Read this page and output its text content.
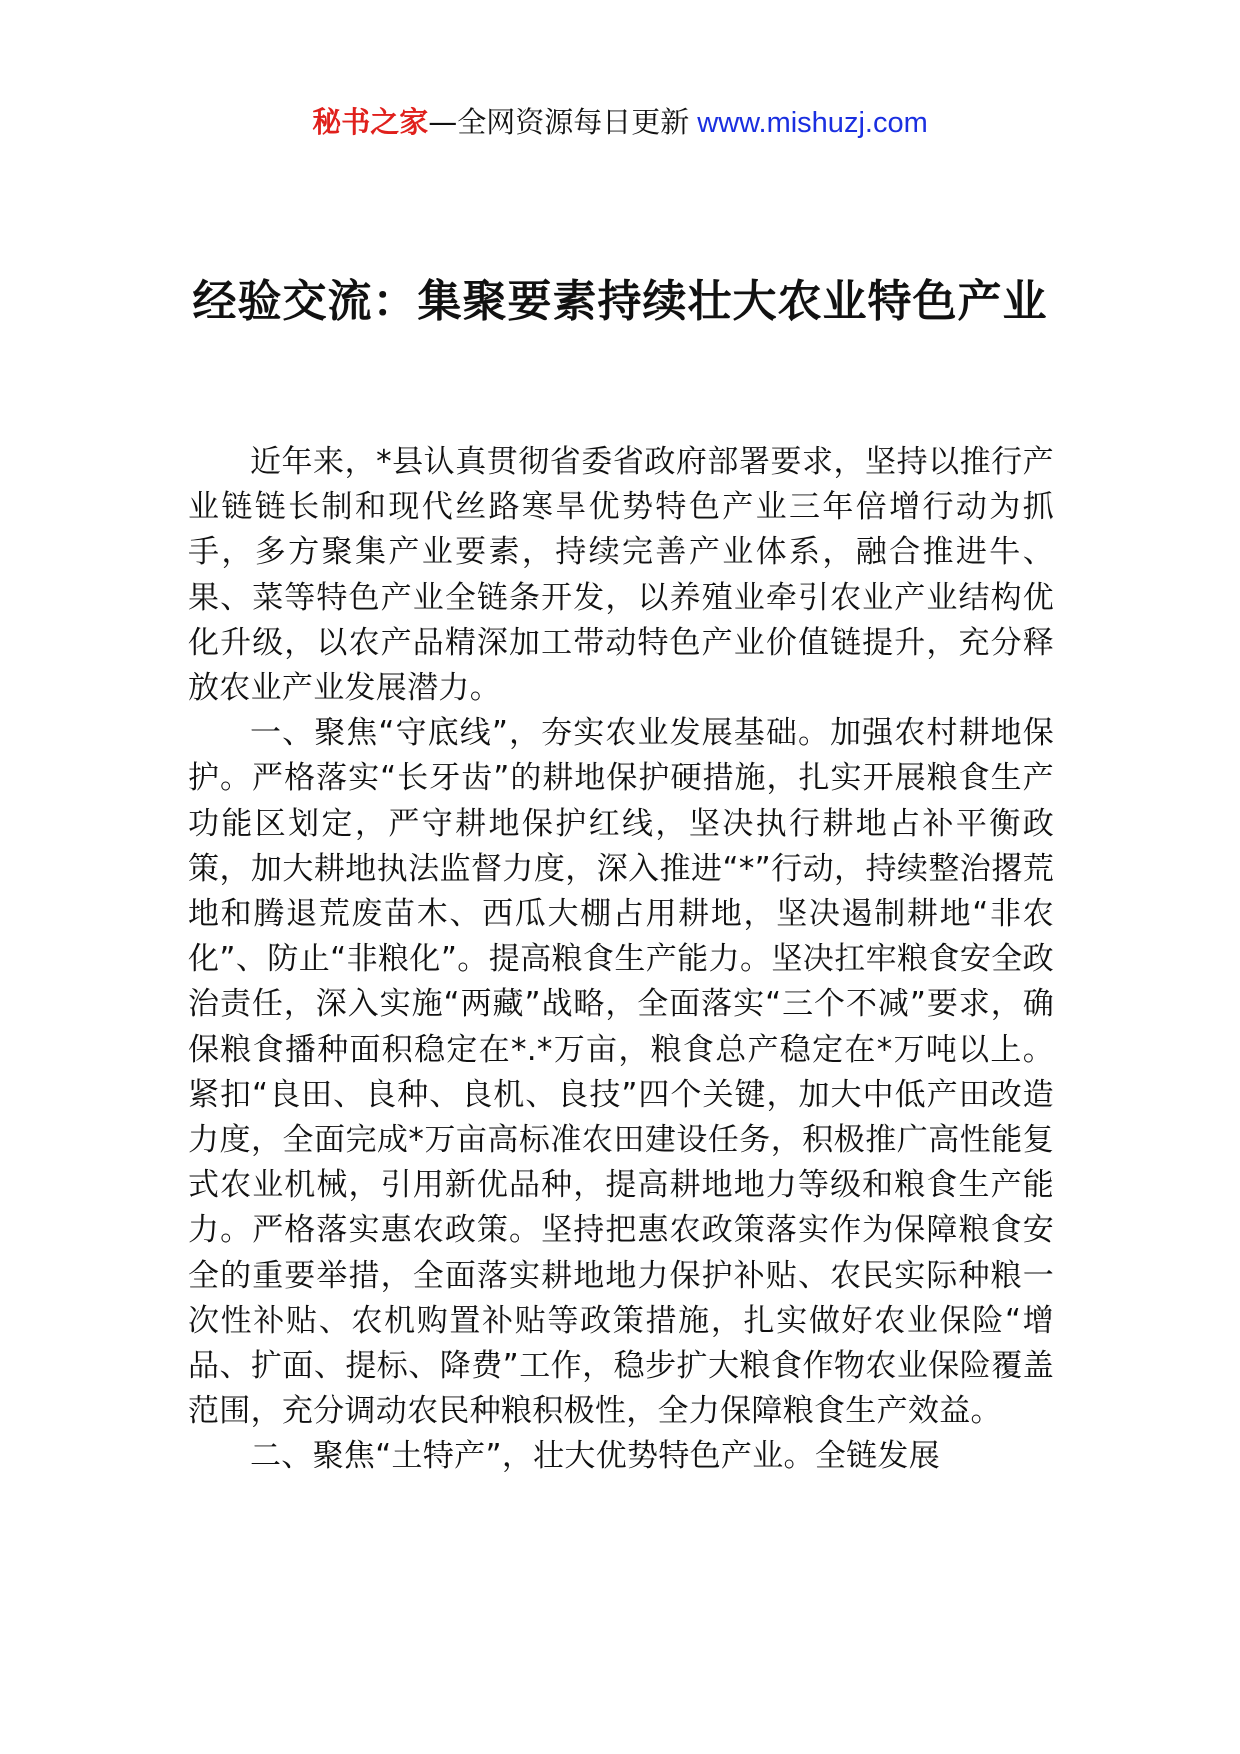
秘书之家—全网资源每日更新 www.mishuzj.com
经验交流：集聚要素持续壮大农业特色产业

近年来，*县认真贯彻省委省政府部署要求，坚持以推行产业链链长制和现代丝路寒旱优势特色产业三年倍增行动为抓手，多方聚集产业要素，持续完善产业体系，融合推进牛、果、菜等特色产业全链条开发，以养殖业牵引农业产业结构优化升级，以农产品精深加工带动特色产业价值链提升，充分释放农业产业发展潜力。

一、聚焦“守底线”，夯实农业发展基础。加强农村耕地保护。严格落实“长牙齿”的耕地保护硬措施，扎实开展粮食生产功能区划定，严守耕地保护红线，坚决执行耕地占补平衡政策，加大耕地执法监督力度，深入推进“*”行动，持续整治撂荒地和腾退荒废苗木、西瓜大棚占用耕地，坚决遏制耕地“非农化”、防止“非粮化”。提高粮食生产能力。坚决扛牢粮食安全政治责任，深入实施“两藏”战略，全面落实“三个不减”要求，确保粮食播种面积稳定在*.*万亩，粮食总产稳定在*万吨以上。紧扣“良田、良种、良机、良技”四个关键，加大中低产田改造力度，全面完成*万亩高标准农田建设任务，积极推广高性能复式农业机械，引用新优品种，提高耕地地力等级和粮食生产能力。严格落实惠农政策。坚持把惠农政策落实作为保障粮食安全的重要举措，全面落实耕地地力保护补贴、农民实际种粮一次性补贴、农机购置补贴等政策措施，扎实做好农业保险“增品、扩面、提标、降费”工作，稳步扩大粮食作物农业保险覆盖范围，充分调动农民种粮积极性，全力保障粮食生产效益。

二、聚焦“土特产”，壮大优势特色产业。全链发展
